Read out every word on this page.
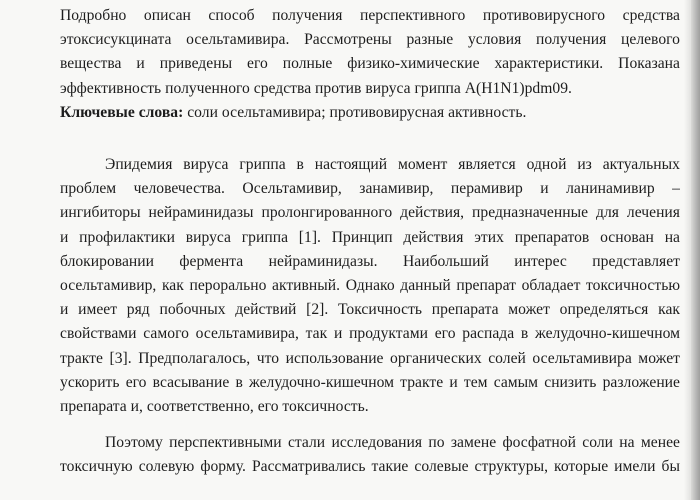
Подробно описан способ получения перспективного противовирусного средства
этоксисукцината осельтамивира. Рассмотрены разные условия получения целевого
вещества и приведены его полные физико-химические характеристики. Показана
эффективность полученного средства против вируса гриппа A(H1N1)pdm09.
Ключевые слова: соли осельтамивира; противовирусная активность.
Эпидемия вируса гриппа в настоящий момент является одной из актуальных
проблем человечества. Осельтамивир, занамивир, перамивир и ланинамивир –
ингибиторы нейраминидазы пролонгированного действия, предназначенные для лечения
и профилактики вируса гриппа [1]. Принцип действия этих препаратов основан на
блокировании фермента нейраминидазы. Наибольший интерес представляет
осельтамивир, как перорально активный. Однако данный препарат обладает токсичностью
и имеет ряд побочных действий [2]. Токсичность препарата может определяться как
свойствами самого осельтамивира, так и продуктами его распада в желудочно-кишечном
тракте [3]. Предполагалось, что использование органических солей осельтамивира может
ускорить его всасывание в желудочно-кишечном тракте и тем самым снизить разложение
препарата и, соответственно, его токсичность.
Поэтому перспективными стали исследования по замене фосфатной соли на менее
токсичную солевую форму. Рассматривались такие солевые структуры, которые имели бы
